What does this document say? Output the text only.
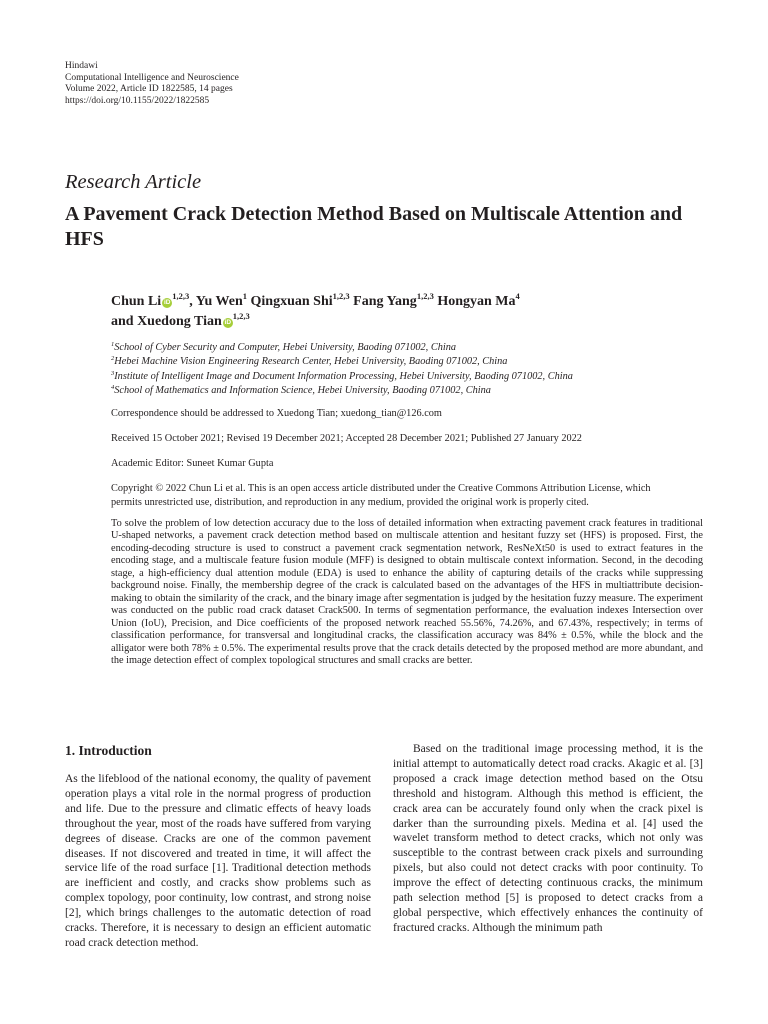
Hindawi
Computational Intelligence and Neuroscience
Volume 2022, Article ID 1822585, 14 pages
https://doi.org/10.1155/2022/1822585
Research Article
A Pavement Crack Detection Method Based on Multiscale Attention and HFS
Chun Li iD$^{1,2,3}$, Yu Wen$^1$ Qingxuan Shi$^{1,2,3}$ Fang Yang$^{1,2,3}$ Hongyan Ma$^4$
and Xuedong Tian iD$^{1,2,3}$
$^1$School of Cyber Security and Computer, Hebei University, Baoding 071002, China
$^2$Hebei Machine Vision Engineering Research Center, Hebei University, Baoding 071002, China
$^3$Institute of Intelligent Image and Document Information Processing, Hebei University, Baoding 071002, China
$^4$School of Mathematics and Information Science, Hebei University, Baoding 071002, China
Correspondence should be addressed to Xuedong Tian; xuedong_tian@126.com
Received 15 October 2021; Revised 19 December 2021; Accepted 28 December 2021; Published 27 January 2022
Academic Editor: Suneet Kumar Gupta
Copyright © 2022 Chun Li et al. This is an open access article distributed under the Creative Commons Attribution License, which
permits unrestricted use, distribution, and reproduction in any medium, provided the original work is properly cited.
To solve the problem of low detection accuracy due to the loss of detailed information when extracting pavement crack features in traditional U-shaped networks, a pavement crack detection method based on multiscale attention and hesitant fuzzy set (HFS) is proposed. First, the encoding-decoding structure is used to construct a pavement crack segmentation network, ResNeXt50 is used to extract features in the encoding stage, and a multiscale feature fusion module (MFF) is designed to obtain multiscale context information. Second, in the decoding stage, a high-efficiency dual attention module (EDA) is used to enhance the ability of capturing details of the cracks while suppressing background noise. Finally, the membership degree of the crack is calculated based on the advantages of the HFS in multiattribute decision-making to obtain the similarity of the crack, and the binary image after segmentation is judged by the hesitation fuzzy measure. The experiment was conducted on the public road crack dataset Crack500. In terms of segmentation performance, the evaluation indexes Intersection over Union (IoU), Precision, and Dice coefficients of the proposed network reached 55.56%, 74.26%, and 67.43%, respectively; in terms of classification performance, for transversal and longitudinal cracks, the classification accuracy was 84% ± 0.5%, while the block and the alligator were both 78% ± 0.5%. The experimental results prove that the crack details detected by the proposed method are more abundant, and the image detection effect of complex topological structures and small cracks are better.
1. Introduction
As the lifeblood of the national economy, the quality of pavement operation plays a vital role in the normal progress of production and life. Due to the pressure and climatic effects of heavy loads throughout the year, most of the roads have suffered from varying degrees of disease. Cracks are one of the common pavement diseases. If not discovered and treated in time, it will affect the service life of the road surface [1]. Traditional detection methods are inefficient and costly, and cracks show problems such as complex topology, poor continuity, low contrast, and strong noise [2], which brings challenges to the automatic detection of road cracks. Therefore, it is necessary to design an efficient automatic road crack detection method.
Based on the traditional image processing method, it is the initial attempt to automatically detect road cracks. Akagic et al. [3] proposed a crack image detection method based on the Otsu threshold and histogram. Although this method is efficient, the crack area can be accurately found only when the crack pixel is darker than the surrounding pixels. Medina et al. [4] used the wavelet transform method to detect cracks, which not only was susceptible to the contrast between crack pixels and surrounding pixels, but also could not detect cracks with poor continuity. To improve the effect of detecting continuous cracks, the minimum path selection method [5] is proposed to detect cracks from a global perspective, which effectively enhances the continuity of fractured cracks. Although the minimum path
